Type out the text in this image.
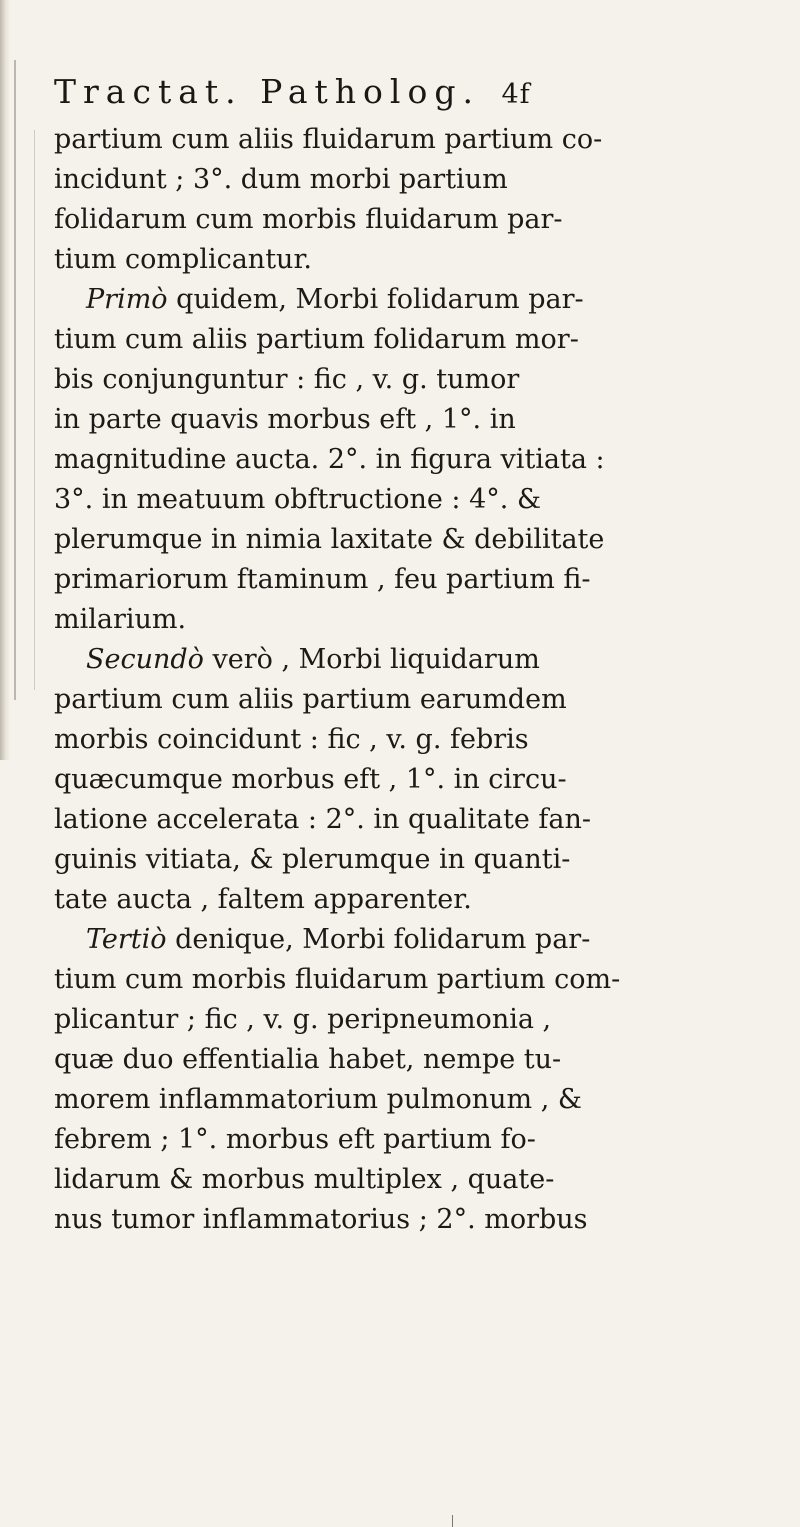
Tractat. Patholog. 4f
partium cum aliis fluidarum partium co-
incidunt ; 3°. dum morbi partium
folidarum cum morbis fluidarum par-
tium complicantur.
Primò quidem, Morbi folidarum par-
tium cum aliis partium folidarum mor-
bis conjunguntur : fic , v. g. tumor
in parte quavis morbus eft , 1°. in
magnitudine aucta. 2°. in figura vitiata :
3°. in meatuum obftructione : 4°. &
plerumque in nimia laxitate & debilitate
primariorum ftaminum , feu partium fi-
milarium.
Secundò verò , Morbi liquidarum
partium cum aliis partium earumdem
morbis coincidunt : fic , v. g. febris
quæcumque morbus eft , 1°. in circu-
latione accelerata : 2°. in qualitate fan-
guinis vitiata, & plerumque in quanti-
tate aucta , faltem apparenter.
Tertiò denique, Morbi folidarum par-
tium cum morbis fluidarum partium com-
plicantur ; fic , v. g. peripneumonia ,
quæ duo effentialia habet, nempe tu-
morem inflammatorium pulmonum , &
febrem ; 1°. morbus eft partium fo-
lidarum & morbus multiplex , quate-
nus tumor inflammatorius ; 2°. morbus
